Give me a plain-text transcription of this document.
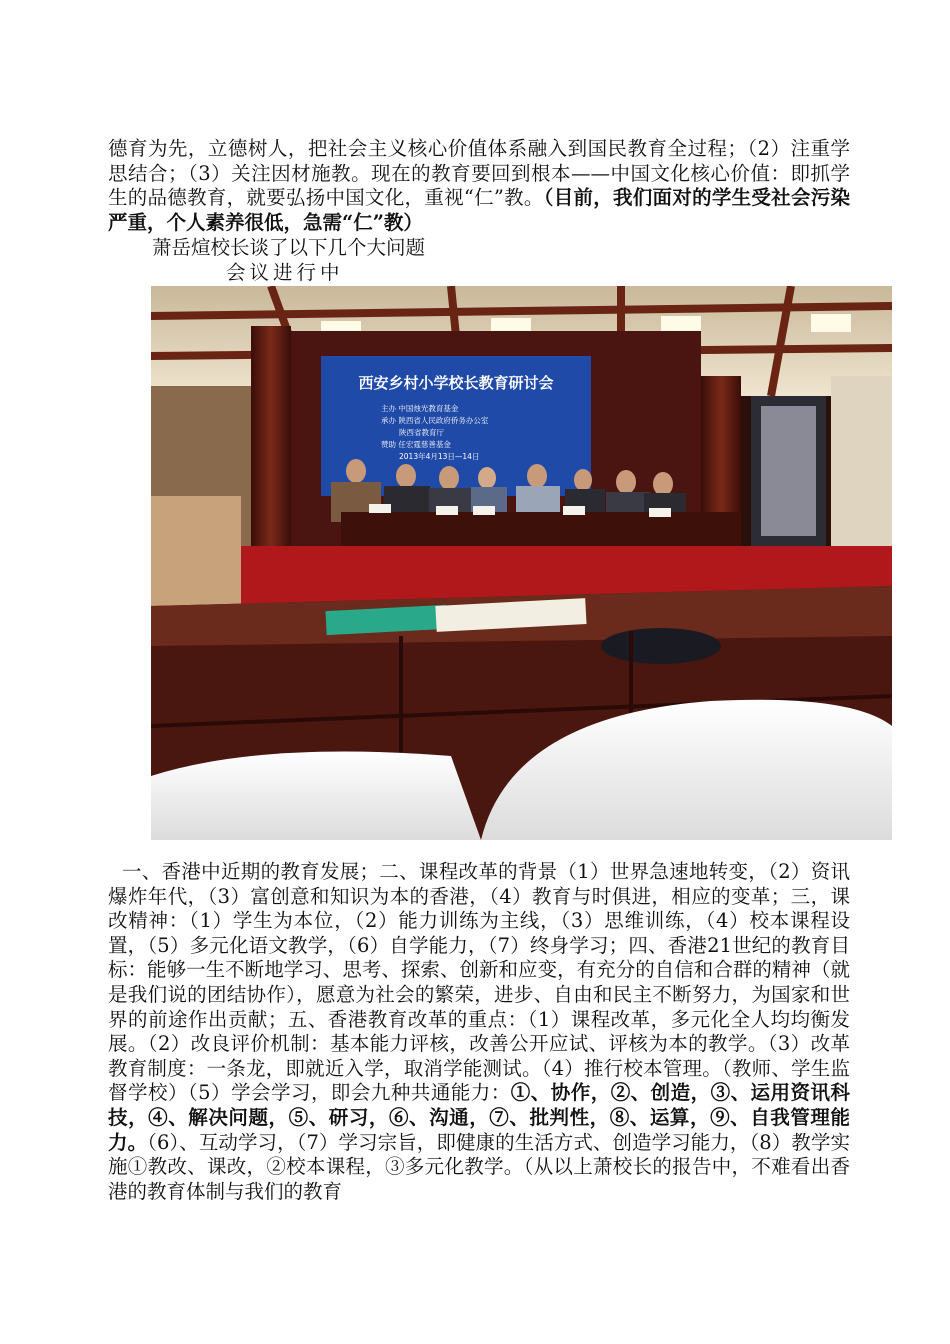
德育为先，立德树人，把社会主义核心价值体系融入到国民教育全过程；（2）注重学思结合；（3）关注因材施教。现在的教育要回到根本——中国文化核心价值：即抓学生的品德教育，就要弘扬中国文化，重视“仁”教。（目前，我们面对的学生受社会污染严重，个人素养很低，急需“仁”教）

萧岳煊校长谈了以下几个大问题
会议进行中
西安乡村小学校长教育研讨会
主办 中国烛光教育基金
承办 陕西省人民政府侨务办公室
陕西省教育厅
赞助 任宏霆慈善基金
2013年4月13日—14日

一、香港中近期的教育发展；二、课程改革的背景（1）世界急速地转变，（2）资讯爆炸年代，（3）富创意和知识为本的香港，（4）教育与时俱进，相应的变革；三，课改精神：（1）学生为本位，（2）能力训练为主线，（3）思维训练，（4）校本课程设置，（5）多元化语文教学，（6）自学能力，（7）终身学习；四、香港21世纪的教育目标：能够一生不断地学习、思考、探索、创新和应变，有充分的自信和合群的精神（就是我们说的团结协作），愿意为社会的繁荣，进步、自由和民主不断努力，为国家和世界的前途作出贡献；五、香港教育改革的重点：（1）课程改革，多元化全人均均衡发展。（2）改良评价机制：基本能力评核，改善公开应试、评核为本的教学。（3）改革教育制度：一条龙，即就近入学，取消学能测试。（4）推行校本管理。（教师、学生监督学校）（5）学会学习，即会九种共通能力：①、协作，②、创造，③、运用资讯科技，④、解决问题，⑤、研习，⑥、沟通，⑦、批判性，⑧、运算，⑨、自我管理能力。（6）、互动学习，（7）学习宗旨，即健康的生活方式、创造学习能力，（8）教学实施①教改、课改，②校本课程，③多元化教学。（从以上萧校长的报告中，不难看出香港的教育体制与我们的教育
